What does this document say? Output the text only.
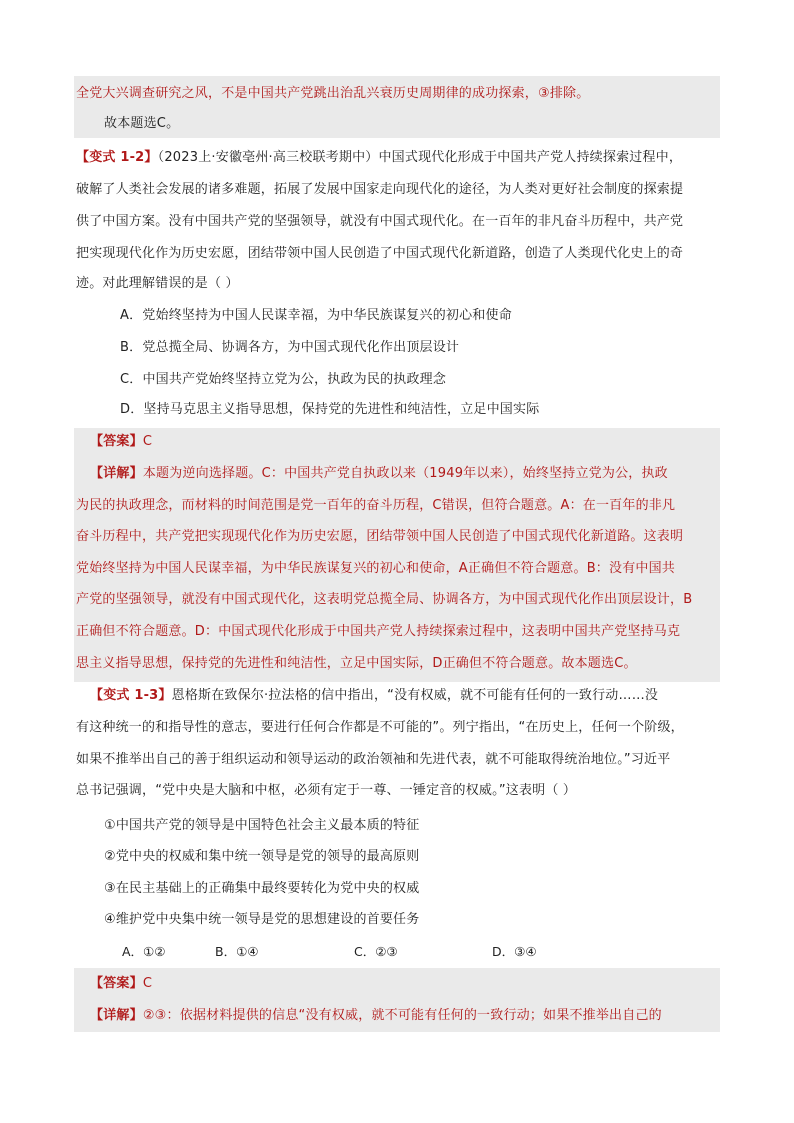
全党大兴调查研究之风，不是中国共产党跳出治乱兴衰历史周期律的成功探索，③排除。
故本题选C。
【变式 1-2】（2023上·安徽亳州·高三校联考期中）中国式现代化形成于中国共产党人持续探索过程中，
破解了人类社会发展的诸多难题，拓展了发展中国家走向现代化的途径，为人类对更好社会制度的探索提
供了中国方案。没有中国共产党的坚强领导，就没有中国式现代化。在一百年的非凡奋斗历程中，共产党
把实现现代化作为历史宏愿，团结带领中国人民创造了中国式现代化新道路，创造了人类现代化史上的奇
迹。对此理解错误的是（ ）
A．党始终坚持为中国人民谋幸福，为中华民族谋复兴的初心和使命
B．党总揽全局、协调各方，为中国式现代化作出顶层设计
C．中国共产党始终坚持立党为公，执政为民的执政理念
D．坚持马克思主义指导思想，保持党的先进性和纯洁性，立足中国实际
【答案】C
【详解】本题为逆向选择题。C：中国共产党自执政以来（1949年以来），始终坚持立党为公，执政
为民的执政理念，而材料的时间范围是党一百年的奋斗历程，C错误，但符合题意。A：在一百年的非凡
奋斗历程中，共产党把实现现代化作为历史宏愿，团结带领中国人民创造了中国式现代化新道路。这表明
党始终坚持为中国人民谋幸福，为中华民族谋复兴的初心和使命，A正确但不符合题意。B：没有中国共
产党的坚强领导，就没有中国式现代化，这表明党总揽全局、协调各方，为中国式现代化作出顶层设计，B
正确但不符合题意。D：中国式现代化形成于中国共产党人持续探索过程中，这表明中国共产党坚持马克
思主义指导思想，保持党的先进性和纯洁性，立足中国实际，D正确但不符合题意。故本题选C。
【变式 1-3】恩格斯在致保尔·拉法格的信中指出，“没有权威，就不可能有任何的一致行动……没
有这种统一的和指导性的意志，要进行任何合作都是不可能的”。列宁指出，“在历史上，任何一个阶级，
如果不推举出自己的善于组织运动和领导运动的政治领袖和先进代表，就不可能取得统治地位。”习近平
总书记强调，“党中央是大脑和中枢，必须有定于一尊、一锤定音的权威。”这表明（ ）
①中国共产党的领导是中国特色社会主义最本质的特征
②党中央的权威和集中统一领导是党的领导的最高原则
③在民主基础上的正确集中最终要转化为党中央的权威
④维护党中央集中统一领导是党的思想建设的首要任务
A．①②	B．①④	C．②③	D．③④
【答案】C
【详解】②③：依据材料提供的信息“没有权威，就不可能有任何的一致行动；如果不推举出自己的
